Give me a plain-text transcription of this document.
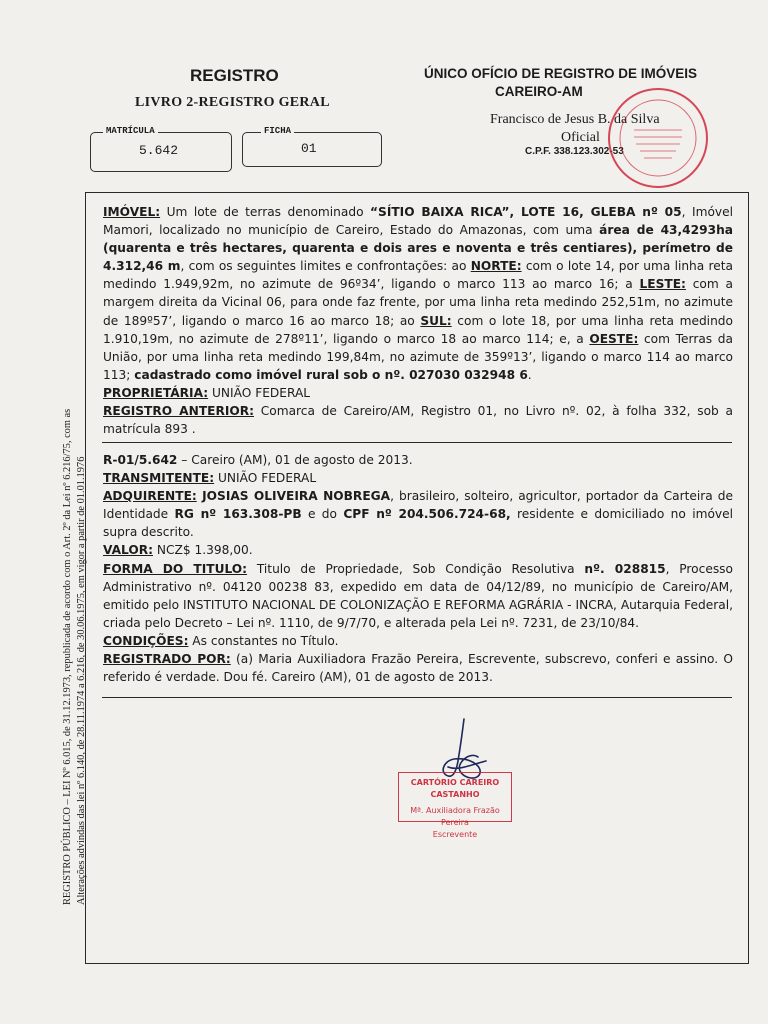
REGISTRO
LIVRO 2-REGISTRO GERAL
MATRÍCULA
5.642
FICHA
01
ÚNICO OFÍCIO DE REGISTRO DE IMÓVEIS
CAREIRO-AM
Francisco de Jesus B. da Silva
Oficial
C.P.F. 338.123.302-53
REGISTRO PÚBLICO – LEI Nº 6.015, de 31.12.1973, republicada de acordo com o Art. 2º da Lei nº 6.216/75, com as Alterações advindas das lei nº 6.140, de 28.11.1974 a 6.216, de 30.06.1975, em vigor a partir de 01.01.1976

IMÓVEL: Um lote de terras denominado “SÍTIO BAIXA RICA”, LOTE 16, GLEBA nº 05, Imóvel Mamori, localizado no município de Careiro, Estado do Amazonas, com uma área de 43,4293ha (quarenta e três hectares, quarenta e dois ares e noventa e três centiares), perímetro de 4.312,46 m, com os seguintes limites e confrontações: ao NORTE: com o lote 14, por uma linha reta medindo 1.949,92m, no azimute de 96º34’, ligando o marco 113 ao marco 16; a LESTE: com a margem direita da Vicinal 06, para onde faz frente, por uma linha reta medindo 252,51m, no azimute de 189º57’, ligando o marco 16 ao marco 18; ao SUL: com o lote 18, por uma linha reta medindo 1.910,19m, no azimute de 278º11’, ligando o marco 18 ao marco 114; e, a OESTE: com Terras da União, por uma linha reta medindo 199,84m, no azimute de 359º13’, ligando o marco 114 ao marco 113; cadastrado como imóvel rural sob o nº. 027030 032948 6.

PROPRIETÁRIA: UNIÃO FEDERAL

REGISTRO ANTERIOR: Comarca de Careiro/AM, Registro 01, no Livro nº. 02, à folha 332, sob a matrícula 893 .

R-01/5.642 – Careiro (AM), 01 de agosto de 2013.

TRANSMITENTE: UNIÃO FEDERAL

ADQUIRENTE: JOSIAS OLIVEIRA NOBREGA, brasileiro, solteiro, agricultor, portador da Carteira de Identidade RG nº 163.308-PB e do CPF nº 204.506.724-68, residente e domiciliado no imóvel supra descrito.

VALOR: NCZ$ 1.398,00.

FORMA DO TITULO: Titulo de Propriedade, Sob Condição Resolutiva nº. 028815, Processo Administrativo nº. 04120 00238 83, expedido em data de 04/12/89, no município de Careiro/AM, emitido pelo INSTITUTO NACIONAL DE COLONIZAÇÃO E REFORMA AGRÁRIA - INCRA, Autarquia Federal, criada pelo Decreto – Lei nº. 1110, de 9/7/70, e alterada pela Lei nº. 7231, de 23/10/84.

CONDIÇÕES: As constantes no Título.

REGISTRADO POR: (a) Maria Auxiliadora Frazão Pereira, Escrevente, subscrevo, conferi e assino. O referido é verdade. Dou fé. Careiro (AM), 01 de agosto de 2013.

CARTÓRIO CAREIRO CASTANHO
Mª. Auxiliadora Frazão Pereira
Escrevente
